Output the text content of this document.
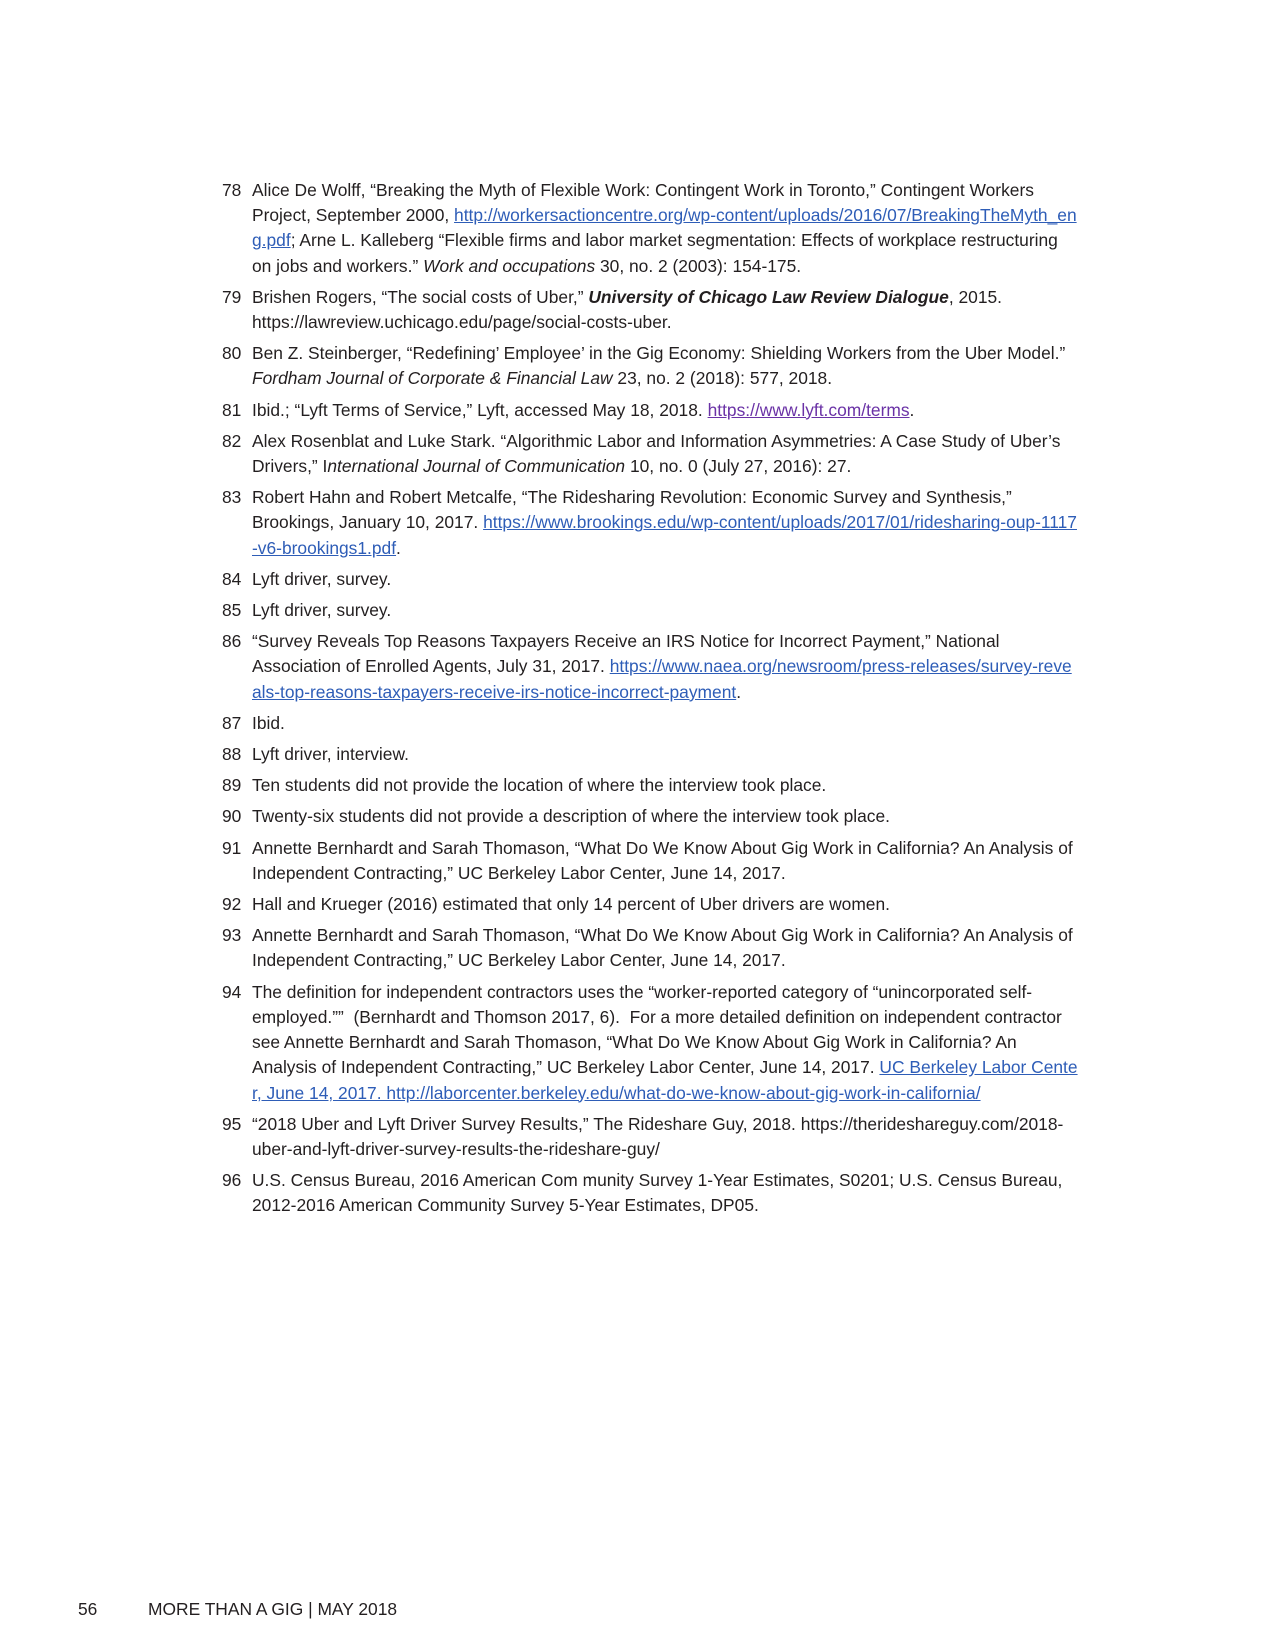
78 Alice De Wolff, “Breaking the Myth of Flexible Work: Contingent Work in Toronto,” Contingent Workers Project, September 2000, http://workersactioncentre.org/wp-content/uploads/2016/07/BreakingTheMyth_eng.pdf; Arne L. Kalleberg “Flexible firms and labor market segmentation: Effects of workplace restructuring on jobs and workers.” Work and occupations 30, no. 2 (2003): 154-175.
79 Brishen Rogers, “The social costs of Uber,” University of Chicago Law Review Dialogue, 2015. https://lawreview.uchicago.edu/page/social-costs-uber.
80 Ben Z. Steinberger, “Redefining’ Employee’ in the Gig Economy: Shielding Workers from the Uber Model.” Fordham Journal of Corporate & Financial Law 23, no. 2 (2018): 577, 2018.
81 Ibid.; “Lyft Terms of Service,” Lyft, accessed May 18, 2018. https://www.lyft.com/terms.
82 Alex Rosenblat and Luke Stark. “Algorithmic Labor and Information Asymmetries: A Case Study of Uber’s Drivers,” International Journal of Communication 10, no. 0 (July 27, 2016): 27.
83 Robert Hahn and Robert Metcalfe, “The Ridesharing Revolution: Economic Survey and Synthesis,” Brookings, January 10, 2017. https://www.brookings.edu/wp-content/uploads/2017/01/ridesharing-oup-1117-v6-brookings1.pdf.
84 Lyft driver, survey.
85 Lyft driver, survey.
86 “Survey Reveals Top Reasons Taxpayers Receive an IRS Notice for Incorrect Payment,” National Association of Enrolled Agents, July 31, 2017. https://www.naea.org/newsroom/press-releases/survey-reveals-top-reasons-taxpayers-receive-irs-notice-incorrect-payment.
87 Ibid.
88 Lyft driver, interview.
89 Ten students did not provide the location of where the interview took place.
90 Twenty-six students did not provide a description of where the interview took place.
91 Annette Bernhardt and Sarah Thomason, “What Do We Know About Gig Work in California? An Analysis of Independent Contracting,” UC Berkeley Labor Center, June 14, 2017.
92 Hall and Krueger (2016) estimated that only 14 percent of Uber drivers are women.
93 Annette Bernhardt and Sarah Thomason, “What Do We Know About Gig Work in California? An Analysis of Independent Contracting,” UC Berkeley Labor Center, June 14, 2017.
94 The definition for independent contractors uses the “worker-reported category of “unincorporated self-employed.””  (Bernhardt and Thomson 2017, 6).  For a more detailed definition on independent contractor see Annette Bernhardt and Sarah Thomason, “What Do We Know About Gig Work in California? An Analysis of Independent Contracting,” UC Berkeley Labor Center, June 14, 2017. UC Berkeley Labor Center, June 14, 2017. http://laborcenter.berkeley.edu/what-do-we-know-about-gig-work-in-california/
95 “2018 Uber and Lyft Driver Survey Results,” The Rideshare Guy, 2018. https://therideshareguy.com/2018-uber-and-lyft-driver-survey-results-the-rideshare-guy/
96 U.S. Census Bureau, 2016 American Com munity Survey 1-Year Estimates, S0201; U.S. Census Bureau, 2012-2016 American Community Survey 5-Year Estimates, DP05.
56	MORE THAN A GIG | MAY 2018
